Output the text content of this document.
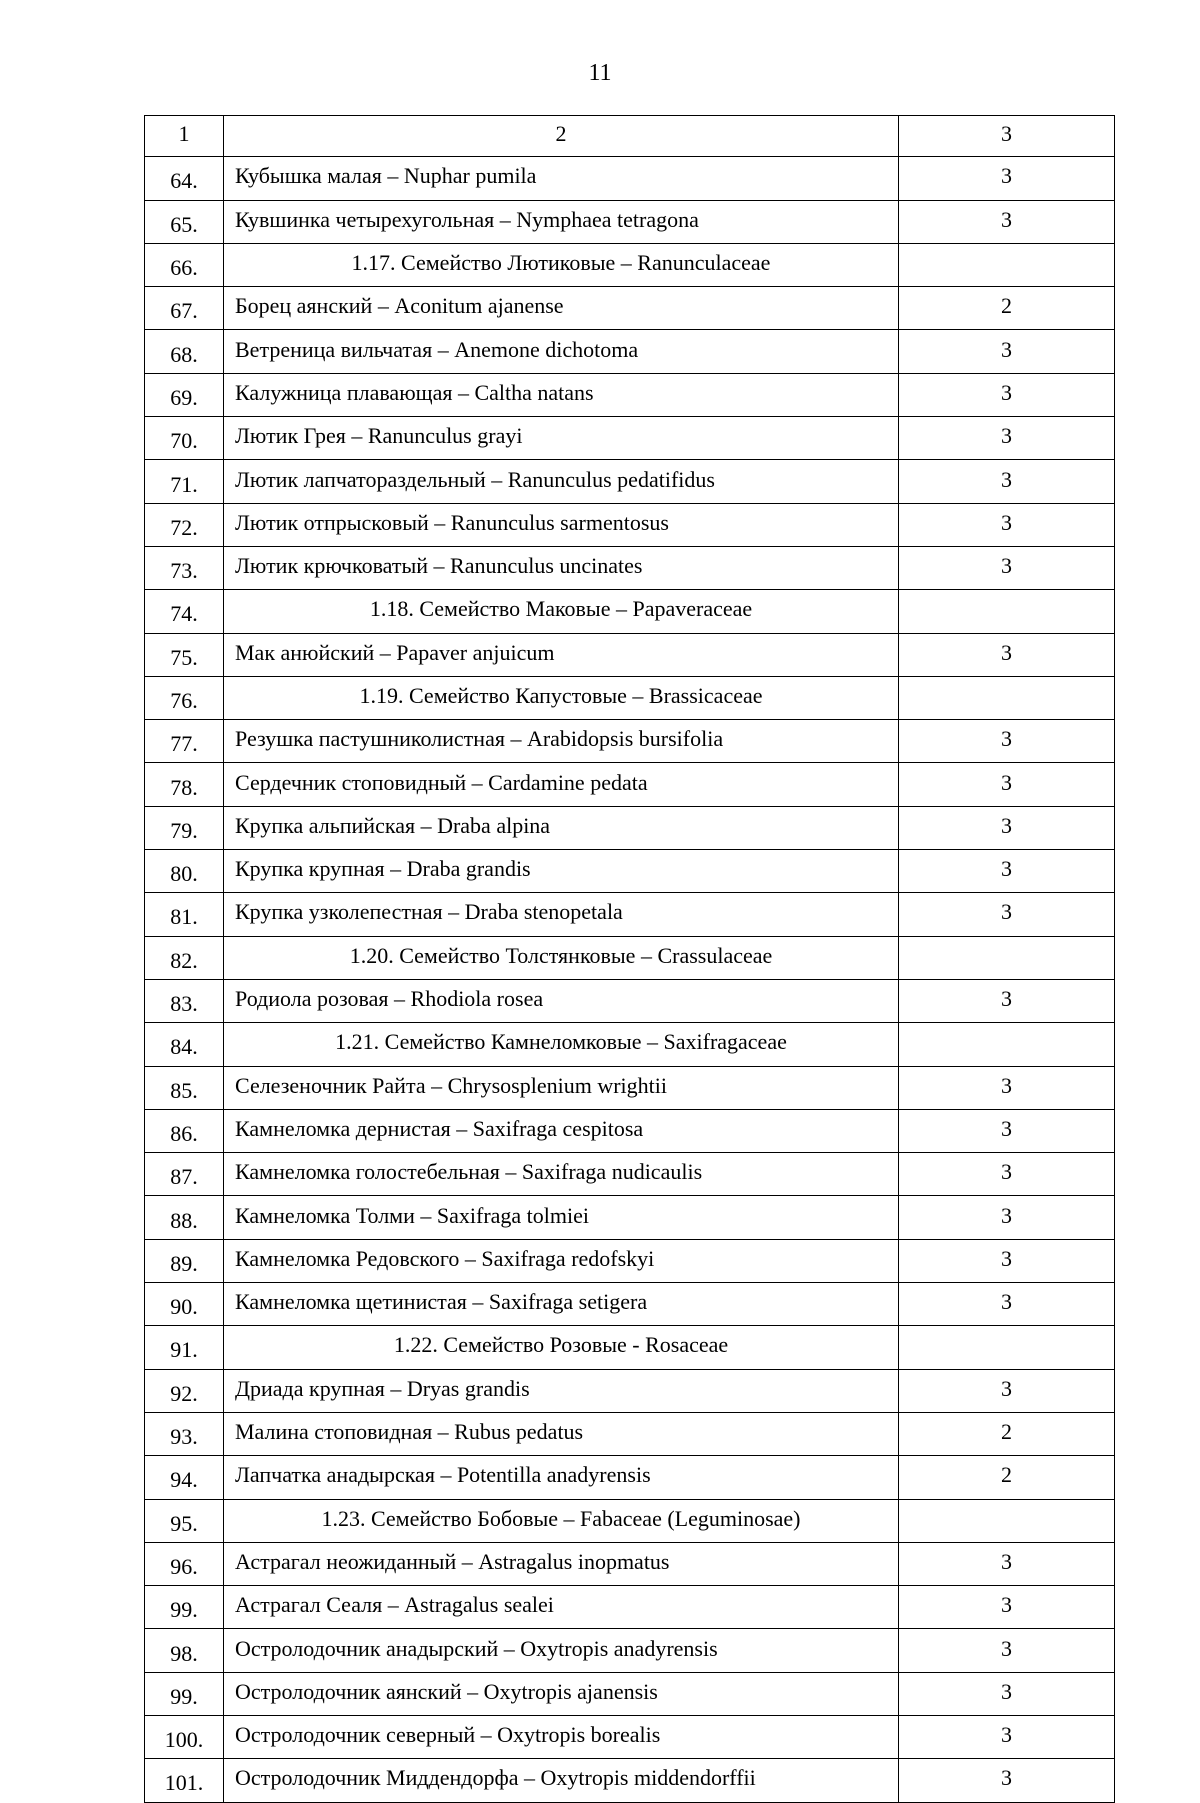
11
1	2	3
64.	Кубышка малая – Nuphar pumila	3
65.	Кувшинка четырехугольная – Nymphaea tetragona	3
66.	1.17. Семейство Лютиковые – Ranunculaceae	
67.	Борец аянский – Aconitum ajanense	2
68.	Ветреница вильчатая – Anemone dichotoma	3
69.	Калужница плавающая – Caltha natans	3
70.	Лютик Грея – Ranunculus grayi	3
71.	Лютик лапчатораздельный – Ranunculus pedatifidus	3
72.	Лютик отпрысковый – Ranunculus sarmentosus	3
73.	Лютик крючковатый – Ranunculus uncinates	3
74.	1.18. Семейство Маковые – Papaveraceae	
75.	Мак анюйский – Papaver anjuicum	3
76.	1.19. Семейство Капустовые – Brassicaceae	
77.	Резушка пастушниколистная – Arabidopsis bursifolia	3
78.	Сердечник стоповидный – Cardamine pedata	3
79.	Крупка альпийская – Draba alpina	3
80.	Крупка крупная – Draba grandis	3
81.	Крупка узколепестная – Draba stenopetala	3
82.	1.20. Семейство Толстянковые – Crassulaceae	
83.	Родиола розовая – Rhodiola rosea	3
84.	1.21. Семейство Камнеломковые – Saxifragaceae	
85.	Селезеночник Райта – Chrysosplenium wrightii	3
86.	Камнеломка дернистая – Saxifraga cespitosa	3
87.	Камнеломка голостебельная – Saxifraga nudicaulis	3
88.	Камнеломка Толми – Saxifraga tolmiei	3
89.	Камнеломка Редовского – Saxifraga redofskyi	3
90.	Камнеломка щетинистая – Saxifraga setigera	3
91.	1.22. Семейство Розовые - Rosaceae	
92.	Дриада крупная – Dryas grandis	3
93.	Малина стоповидная – Rubus pedatus	2
94.	Лапчатка анадырская – Potentilla anadyrensis	2
95.	1.23. Семейство Бобовые – Fabaceae (Leguminosae)	
96.	Астрагал неожиданный – Astragalus inopmatus	3
99.	Астрагал Сеаля – Astragalus sealei	3
98.	Остролодочник анадырский – Oxytropis anadyrensis	3
99.	Остролодочник аянский – Oxytropis ajanensis	3
100.	Остролодочник северный – Oxytropis borealis	3
101.	Остролодочник Миддендорфа – Oxytropis middendorffii	3
